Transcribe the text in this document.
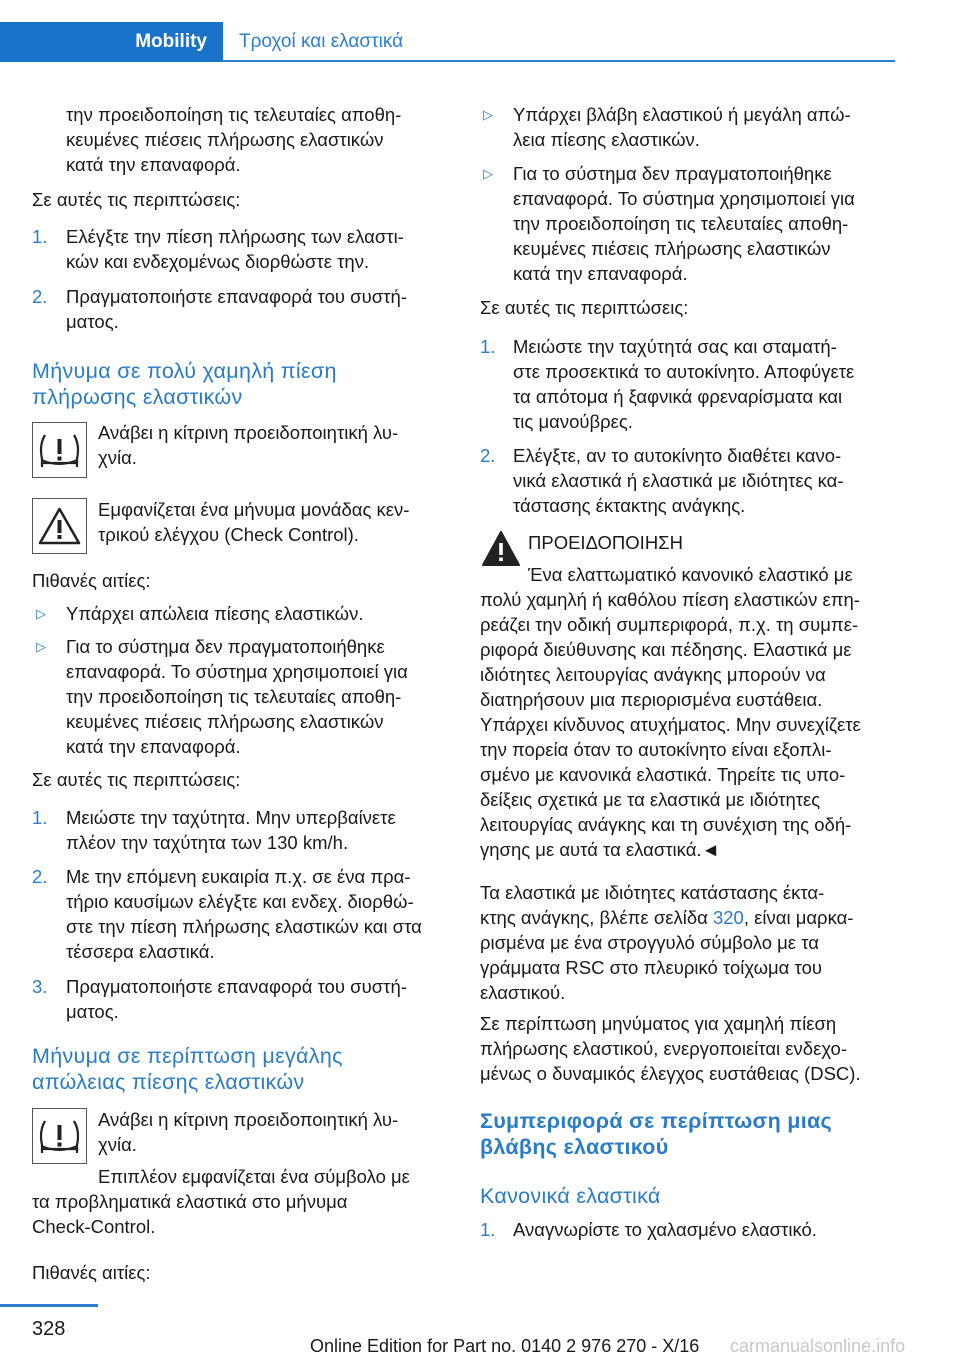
Mobility Τροχοί και ελαστικά
την προειδοποίηση τις τελευταίες αποθη-
κευμένες πιέσεις πλήρωσης ελαστικών
κατά την επαναφορά.
Σε αυτές τις περιπτώσεις:
1. Ελέγξτε την πίεση πλήρωσης των ελαστι-
κών και ενδεχομένως διορθώστε την.
2. Πραγματοποιήστε επαναφορά του συστή-
ματος.
Μήνυμα σε πολύ χαμηλή πίεση
πλήρωσης ελαστικών
Ανάβει η κίτρινη προειδοποιητική λυ-
χνία.
Εμφανίζεται ένα μήνυμα μονάδας κεν-
τρικού ελέγχου (Check Control).
Πιθανές αιτίες:
▷ Υπάρχει απώλεια πίεσης ελαστικών.
▷ Για το σύστημα δεν πραγματοποιήθηκε
επαναφορά. Το σύστημα χρησιμοποιεί για
την προειδοποίηση τις τελευταίες αποθη-
κευμένες πιέσεις πλήρωσης ελαστικών
κατά την επαναφορά.
Σε αυτές τις περιπτώσεις:
1. Μειώστε την ταχύτητα. Μην υπερβαίνετε
πλέον την ταχύτητα των 130 km/h.
2. Με την επόμενη ευκαιρία π.χ. σε ένα πρα-
τήριο καυσίμων ελέγξτε και ενδεχ. διορθώ-
στε την πίεση πλήρωσης ελαστικών και στα
τέσσερα ελαστικά.
3. Πραγματοποιήστε επαναφορά του συστή-
ματος.
Μήνυμα σε περίπτωση μεγάλης
απώλειας πίεσης ελαστικών
Ανάβει η κίτρινη προειδοποιητική λυ-
χνία.
Επιπλέον εμφανίζεται ένα σύμβολο με
τα προβληματικά ελαστικά στο μήνυμα
Check-Control.
Πιθανές αιτίες:
▷ Υπάρχει βλάβη ελαστικού ή μεγάλη απώ-
λεια πίεσης ελαστικών.
▷ Για το σύστημα δεν πραγματοποιήθηκε
επαναφορά. Το σύστημα χρησιμοποιεί για
την προειδοποίηση τις τελευταίες αποθη-
κευμένες πιέσεις πλήρωσης ελαστικών
κατά την επαναφορά.
Σε αυτές τις περιπτώσεις:
1. Μειώστε την ταχύτητά σας και σταματή-
στε προσεκτικά το αυτοκίνητο. Αποφύγετε
τα απότομα ή ξαφνικά φρεναρίσματα και
τις μανούβρες.
2. Ελέγξτε, αν το αυτοκίνητο διαθέτει κανο-
νικά ελαστικά ή ελαστικά με ιδιότητες κα-
τάστασης έκτακτης ανάγκης.
ΠΡΟΕΙΔΟΠΟΙΗΣΗ
Ένα ελαττωματικό κανονικό ελαστικό με
πολύ χαμηλή ή καθόλου πίεση ελαστικών επη-
ρεάζει την οδική συμπεριφορά, π.χ. τη συμπε-
ριφορά διεύθυνσης και πέδησης. Ελαστικά με
ιδιότητες λειτουργίας ανάγκης μπορούν να
διατηρήσουν μια περιορισμένα ευστάθεια.
Υπάρχει κίνδυνος ατυχήματος. Μην συνεχίζετε
την πορεία όταν το αυτοκίνητο είναι εξοπλι-
σμένο με κανονικά ελαστικά. Τηρείτε τις υπο-
δείξεις σχετικά με τα ελαστικά με ιδιότητες
λειτουργίας ανάγκης και τη συνέχιση της οδή-
γησης με αυτά τα ελαστικά.◄
Τα ελαστικά με ιδιότητες κατάστασης έκτα-
κτης ανάγκης, βλέπε σελίδα 320, είναι μαρκα-
ρισμένα με ένα στρογγυλό σύμβολο με τα
γράμματα RSC στο πλευρικό τοίχωμα του
ελαστικού.
Σε περίπτωση μηνύματος για χαμηλή πίεση
πλήρωσης ελαστικού, ενεργοποιείται ενδεχο-
μένως ο δυναμικός έλεγχος ευστάθειας (DSC).
Συμπεριφορά σε περίπτωση μιας
βλάβης ελαστικού
Κανονικά ελαστικά
1. Αναγνωρίστε το χαλασμένο ελαστικό.
328
Online Edition for Part no. 0140 2 976 270 - X/16 carmanualsonline.info
